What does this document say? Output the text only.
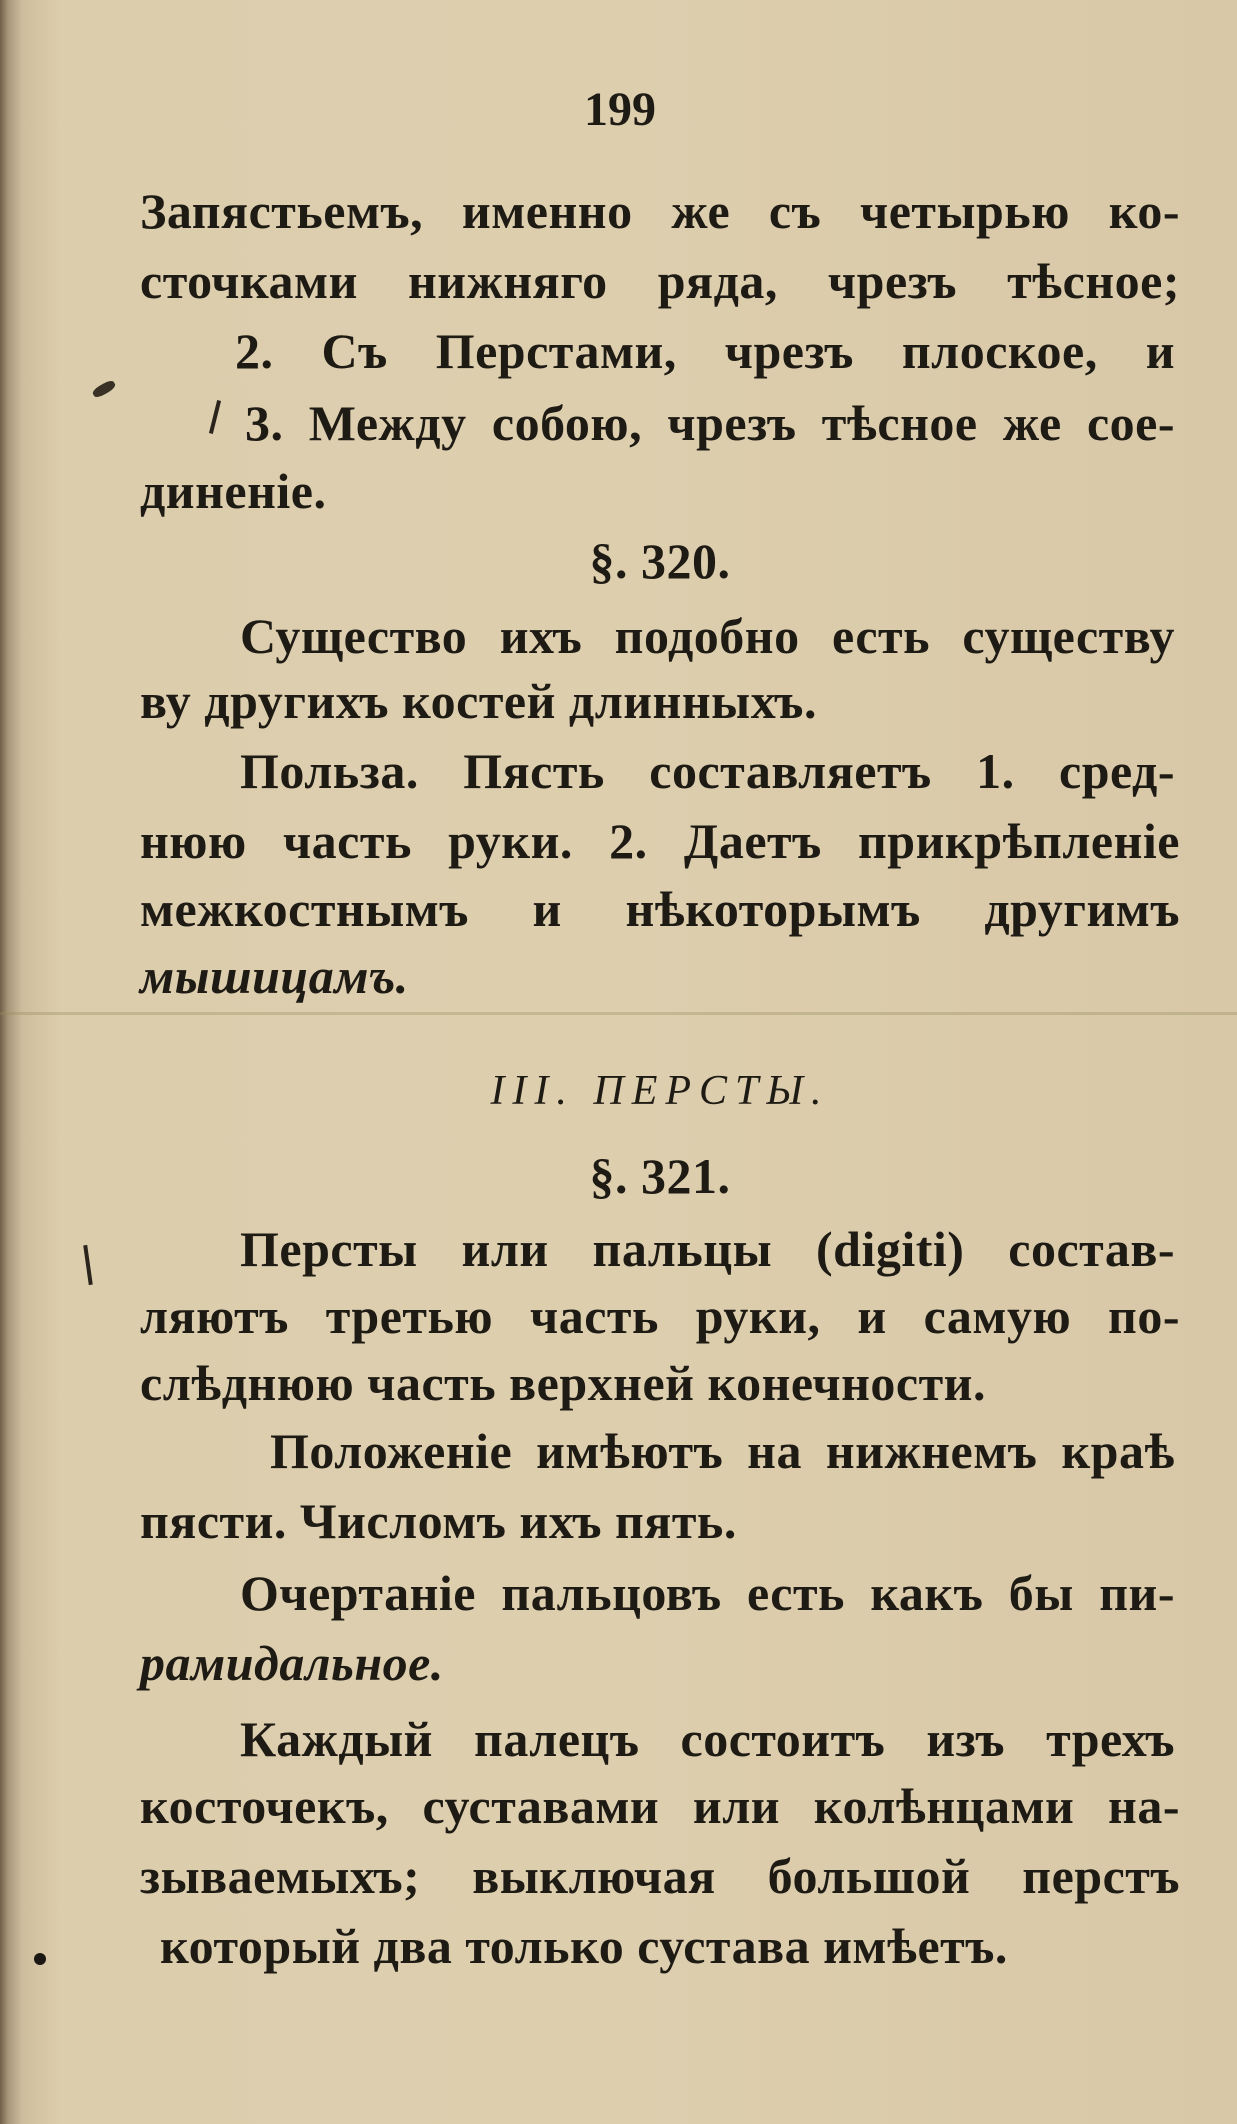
199
Запястьемъ, именно же съ четырью ко-
сточками нижняго ряда, чрезъ тѣсное;
2. Съ Перстами, чрезъ плоское, и
3. Между собою, чрезъ тѣсное же сое-
диненіе.
§. 320.
Существо ихъ подобно есть существу
ву другихъ костей длинныхъ.
Польза. Пясть составляетъ 1. сред-
нюю часть руки. 2. Даетъ прикрѣпленіе
межкостнымъ и нѣкоторымъ другимъ
мышицамъ.
III. ПЕРСТЫ.
§. 321.
Персты или пальцы (digiti) состав-
ляютъ третью часть руки, и самую по-
слѣднюю часть верхней конечности.
Положеніе имѣютъ на нижнемъ краѣ
пясти. Числомъ ихъ пять.
Очертаніе пальцовъ есть какъ бы пи-
рамидальное.
Каждый палецъ состоитъ изъ трехъ
косточекъ, суставами или колѣнцами на-
зываемыхъ; выключая большой перстъ
который два только сустава имѣетъ.
